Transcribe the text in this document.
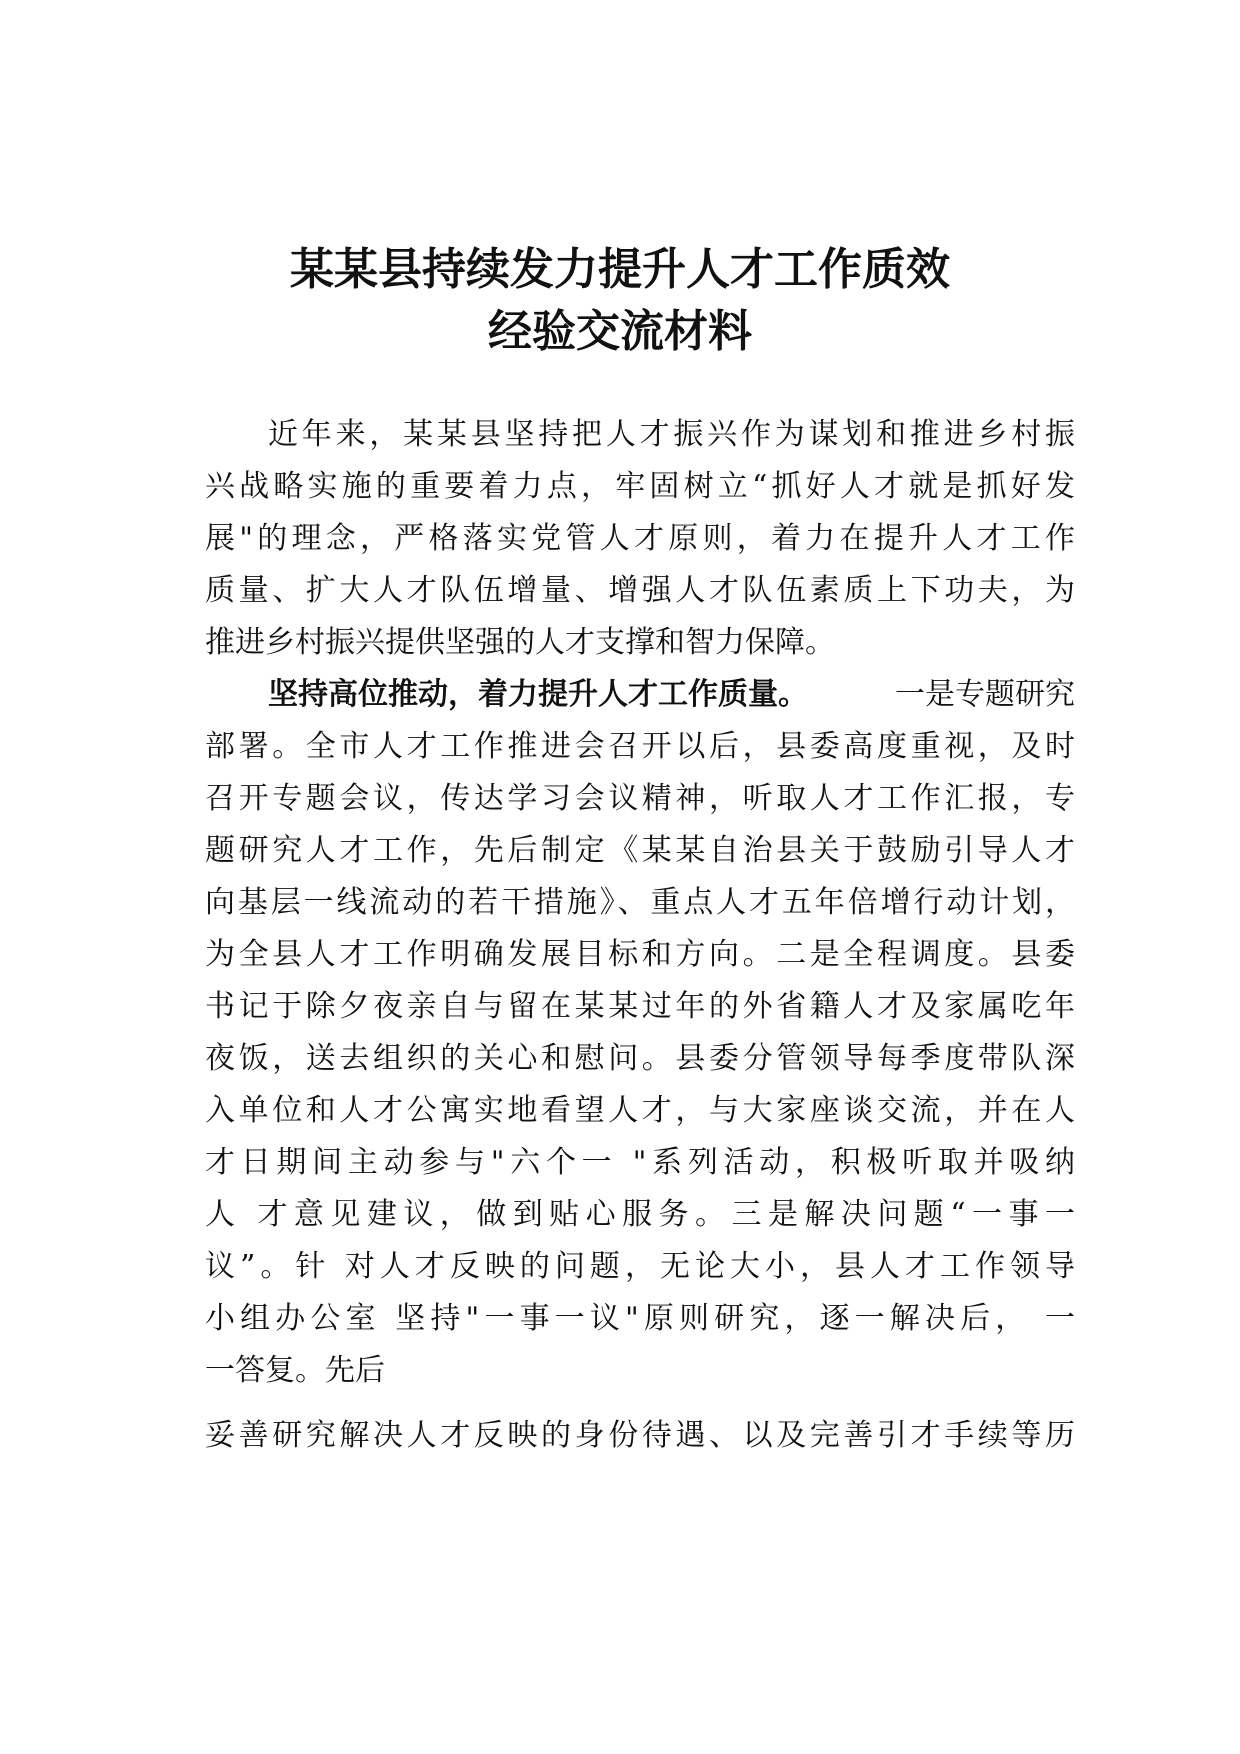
某某县持续发力提升人才工作质效
经验交流材料

近年来，某某县坚持把人才振兴作为谋划和推进乡村振

兴战略实施的重要着力点，牢固树立“抓好人才就是抓好发

展"的理念，严格落实党管人才原则，着力在提升人才工作

质量、扩大人才队伍增量、增强人才队伍素质上下功夫，为

推进乡村振兴提供坚强的人才支撑和智力保障。

坚持高位推动，着力提升人才工作质量。	一是专题研究

部署。全市人才工作推进会召开以后，县委高度重视，及时

召开专题会议，传达学习会议精神，听取人才工作汇报，专

题研究人才工作，先后制定《某某自治县关于鼓励引导人才

向基层一线流动的若干措施》、重点人才五年倍增行动计划，

为全县人才工作明确发展目标和方向。二是全程调度。县委

书记于除夕夜亲自与留在某某过年的外省籍人才及家属吃年

夜饭，送去组织的关心和慰问。县委分管领导每季度带队深

入单位和人才公寓实地看望人才，与大家座谈交流，并在人

才日期间主动参与"六个一 "系列活动，积极听取并吸纳

人 才意见建议，做到贴心服务。三是解决问题“一事一

议”。针 对人才反映的问题，无论大小，县人才工作领导

小组办公室 坚持"一事一议"原则研究，逐一解决后， 一

一答复。先后

妥善研究解决人才反映的身份待遇、以及完善引才手续等历
